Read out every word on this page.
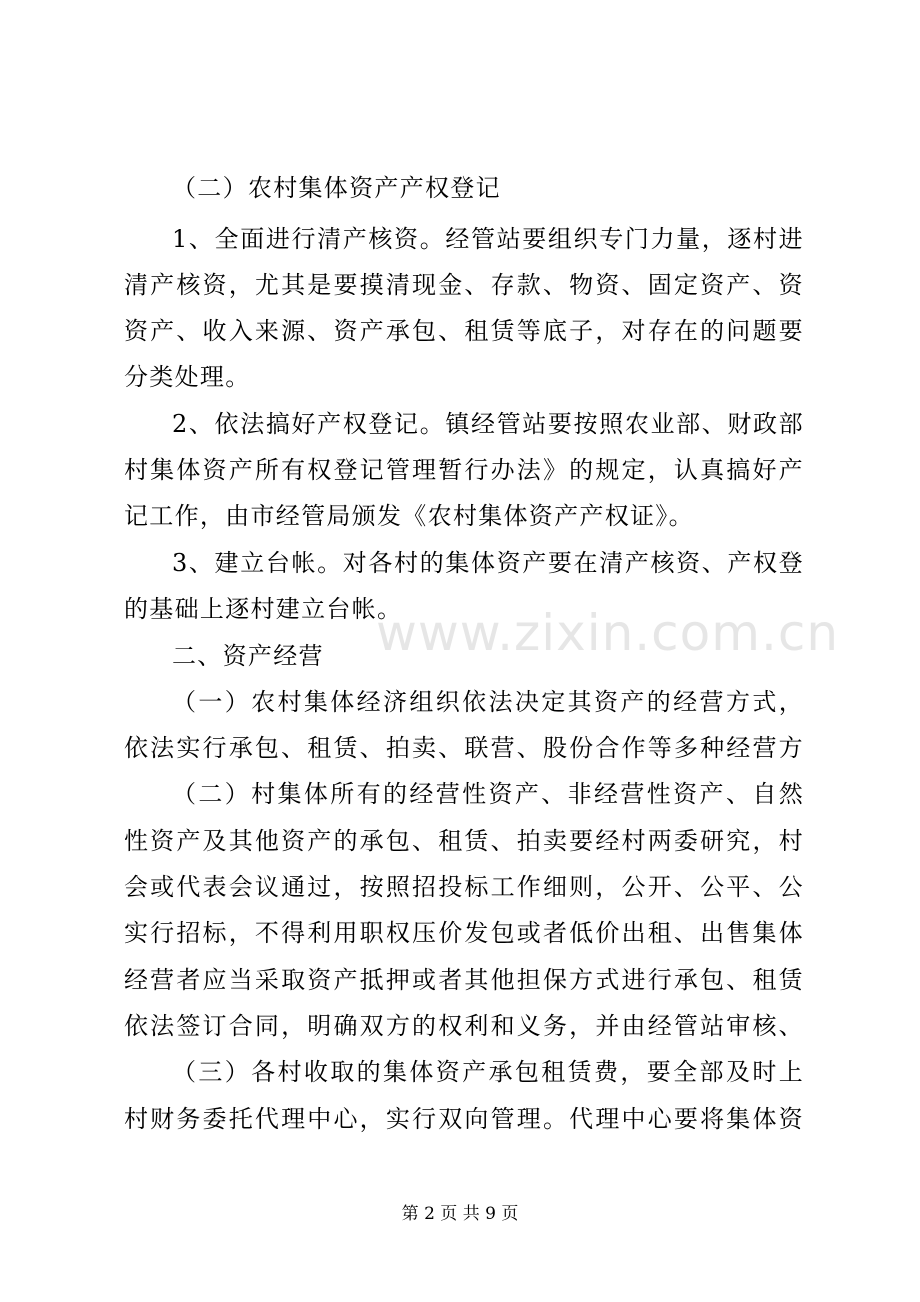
www.zixin.com.cn
（二）农村集体资产产权登记
1、全面进行清产核资。经管站要组织专门力量，逐村进
清产核资，尤其是要摸清现金、存款、物资、固定资产、资
资产、收入来源、资产承包、租赁等底子，对存在的问题要
分类处理。
2、依法搞好产权登记。镇经管站要按照农业部、财政部
村集体资产所有权登记管理暂行办法》的规定，认真搞好产
记工作，由市经管局颁发《农村集体资产产权证》。
3、建立台帐。对各村的集体资产要在清产核资、产权登
的基础上逐村建立台帐。
二、资产经营
（一）农村集体经济组织依法决定其资产的经营方式，
依法实行承包、租赁、拍卖、联营、股份合作等多种经营方
（二）村集体所有的经营性资产、非经营性资产、自然
性资产及其他资产的承包、租赁、拍卖要经村两委研究，村
会或代表会议通过，按照招投标工作细则，公开、公平、公
实行招标，不得利用职权压价发包或者低价出租、出售集体
经营者应当采取资产抵押或者其他担保方式进行承包、租赁
依法签订合同，明确双方的权利和义务，并由经管站审核、
（三）各村收取的集体资产承包租赁费，要全部及时上
村财务委托代理中心，实行双向管理。代理中心要将集体资
第 2 页 共 9 页
